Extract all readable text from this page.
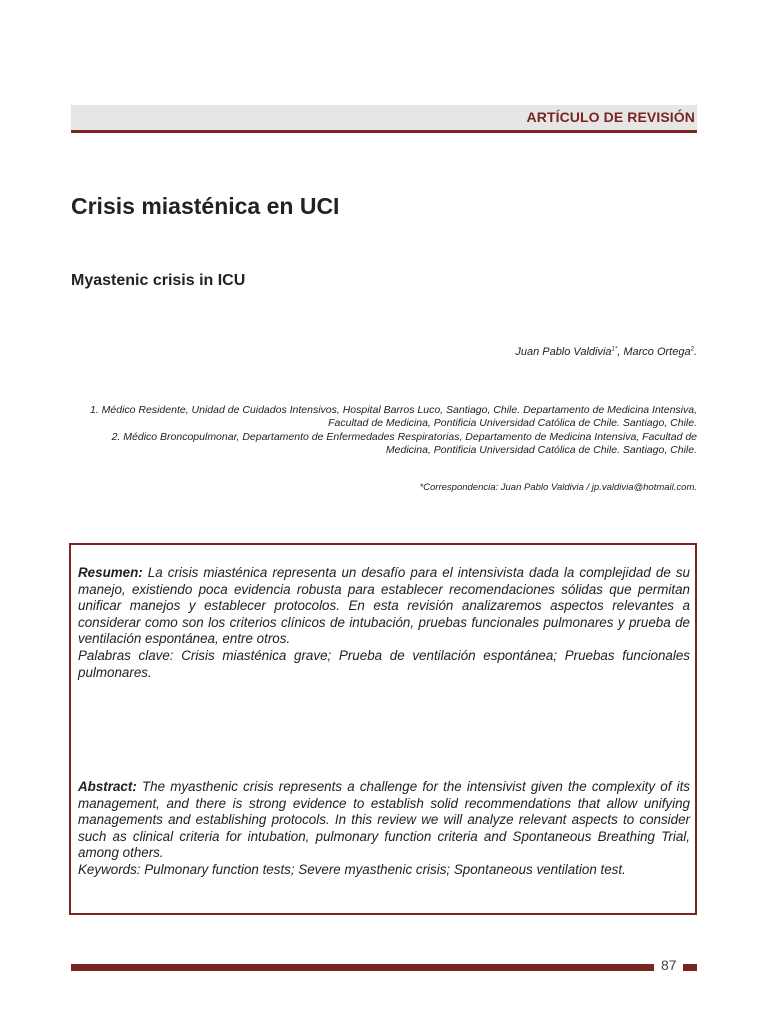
ARTÍCULO DE REVISIÓN
Crisis miasténica en UCI
Myastenic crisis in ICU
Juan Pablo Valdivia$^{1*}$, Marco Ortega$^2$.

1. Médico Residente, Unidad de Cuidados Intensivos, Hospital Barros Luco, Santiago, Chile. Departamento de Medicina Intensiva, Facultad de Medicina, Pontificia Universidad Católica de Chile. Santiago, Chile.

2. Médico Broncopulmonar, Departamento de Enfermedades Respiratorias, Departamento de Medicina Intensiva, Facultad de Medicina, Pontificia Universidad Católica de Chile. Santiago, Chile.

*Correspondencia: Juan Pablo Valdivia / jp.valdivia@hotmail.com.

Resumen: La crisis miasténica representa un desafío para el intensivista dada la complejidad de su manejo, existiendo poca evidencia robusta para establecer recomendaciones sólidas que permitan unificar manejos y establecer protocolos. En esta revisión analizaremos aspectos relevantes a considerar como son los criterios clínicos de intubación, pruebas funcionales pulmonares y prueba de ventilación espontánea, entre otros.
Palabras clave: Crisis miasténica grave; Prueba de ventilación espontánea; Pruebas funcionales pulmonares.

Abstract: The myasthenic crisis represents a challenge for the intensivist given the complexity of its management, and there is strong evidence to establish solid recommendations that allow unifying managements and establishing protocols. In this review we will analyze relevant aspects to consider such as clinical criteria for intubation, pulmonary function criteria and Spontaneous Breathing Trial, among others.
Keywords: Pulmonary function tests; Severe myasthenic crisis; Spontaneous ventilation test.

87
